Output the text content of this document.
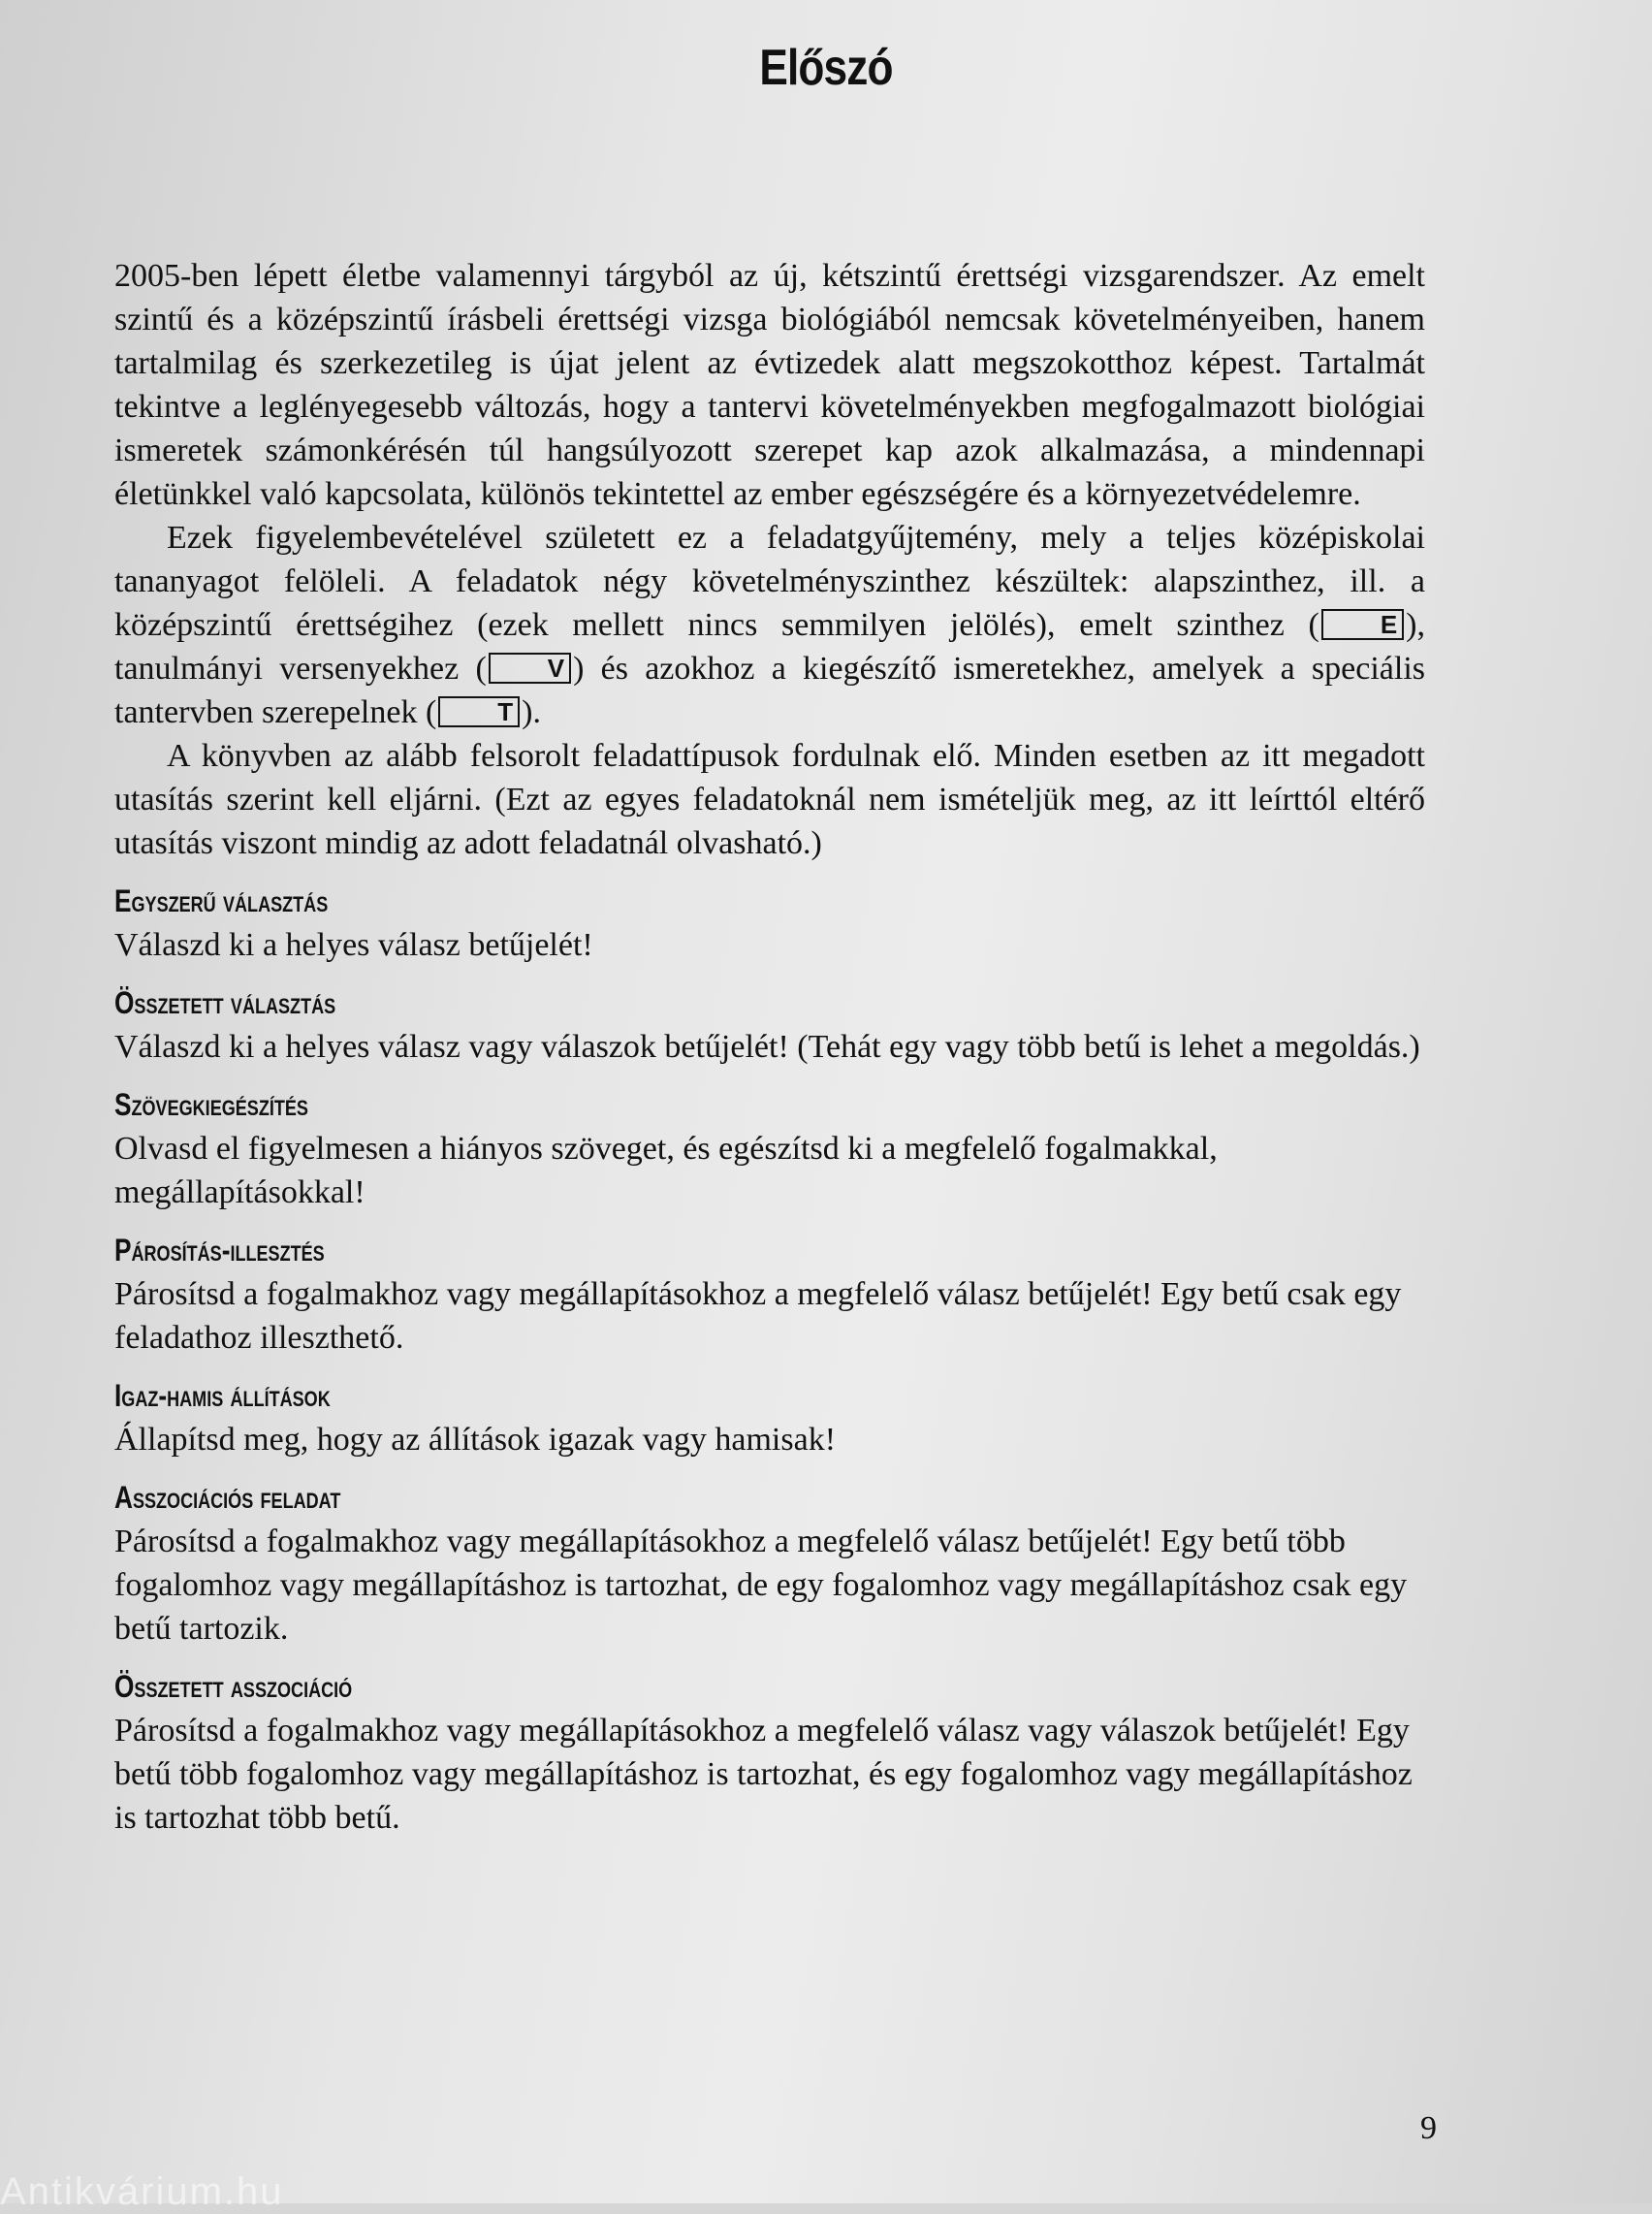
Előszó

2005-ben lépett életbe valamennyi tárgyból az új, kétszintű érettségi vizsgarendszer. Az emelt szintű és a középszintű írásbeli érettségi vizsga biológiából nemcsak követelményeiben, hanem tartalmilag és szerkezetileg is újat jelent az évtizedek alatt megszokotthoz képest. Tartalmát tekintve a leglényegesebb változás, hogy a tantervi követelményekben megfogalmazott biológiai ismeretek számonkérésén túl hangsúlyozott szerepet kap azok alkalmazása, a mindennapi életünkkel való kapcsolata, különös tekintettel az ember egészségére és a környezetvédelemre.

Ezek figyelembevételével született ez a feladatgyűjtemény, mely a teljes középiskolai tananyagot felöleli. A feladatok négy követelményszinthez készültek: alapszinthez, ill. a középszintű érettségihez (ezek mellett nincs semmilyen jelölés), emelt szinthez ( E ), tanulmányi versenyekhez ( V ) és azokhoz a kiegészítő ismeretekhez, amelyek a speciális tantervben szerepelnek ( T ).

A könyvben az alább felsorolt feladattípusok fordulnak elő. Minden esetben az itt megadott utasítás szerint kell eljárni. (Ezt az egyes feladatoknál nem ismételjük meg, az itt leírttól eltérő utasítás viszont mindig az adott feladatnál olvasható.)

Egyszerű választás

Válaszd ki a helyes válasz betűjelét!

Összetett választás

Válaszd ki a helyes válasz vagy válaszok betűjelét! (Tehát egy vagy több betű is lehet a megoldás.)

Szövegkiegészítés

Olvasd el figyelmesen a hiányos szöveget, és egészítsd ki a megfelelő fogalmakkal, megállapításokkal!

Párosítás-illesztés

Párosítsd a fogalmakhoz vagy megállapításokhoz a megfelelő válasz betűjelét! Egy betű csak egy feladathoz illeszthető.

Igaz-hamis állítások

Állapítsd meg, hogy az állítások igazak vagy hamisak!

Asszociációs feladat

Párosítsd a fogalmakhoz vagy megállapításokhoz a megfelelő válasz betűjelét! Egy betű több fogalomhoz vagy megállapításhoz is tartozhat, de egy fogalomhoz vagy megállapításhoz csak egy betű tartozik.

Összetett asszociáció

Párosítsd a fogalmakhoz vagy megállapításokhoz a megfelelő válasz vagy válaszok betűjelét! Egy betű több fogalomhoz vagy megállapításhoz is tartozhat, és egy fogalomhoz vagy megállapításhoz is tartozhat több betű.

9
Antikvárium.hu
